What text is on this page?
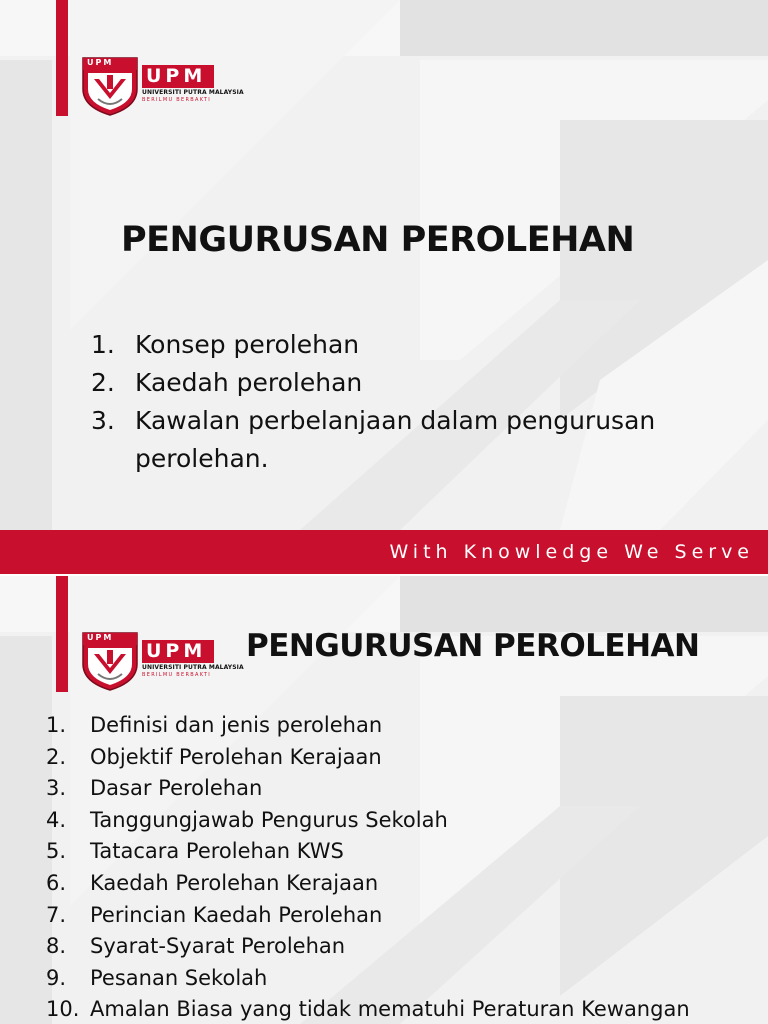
UPM
UNIVERSITI PUTRA MALAYSIA
BERILMU BERBAKTI
UPM
PENGURUSAN PEROLEHAN
1. Konsep perolehan
2. Kaedah perolehan
3. Kawalan perbelanjaan dalam pengurusan perolehan.
With Knowledge We Serve
UPM
UNIVERSITI PUTRA MALAYSIA
BERILMU BERBAKTI
UPM	PENGURUSAN PEROLEHAN
1.	Definisi dan jenis perolehan
2.	Objektif Perolehan Kerajaan
3.	Dasar Perolehan
4.	Tanggungjawab Pengurus Sekolah
5.	Tatacara Perolehan KWS
6.	Kaedah Perolehan Kerajaan
7.	Perincian Kaedah Perolehan
8.	Syarat-Syarat Perolehan
9.	Pesanan Sekolah
10. Amalan Biasa yang tidak mematuhi Peraturan Kewangan
